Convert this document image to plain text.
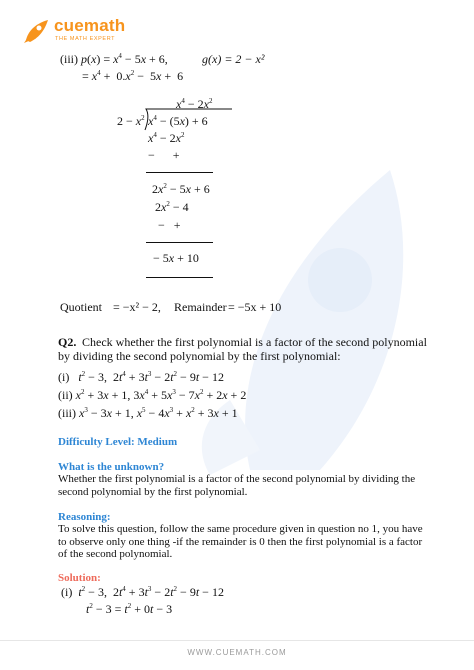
cuemath
THE MATH EXPERT
(iii) $p(x) = x^4 - 5x + 6$,	g(x) = 2 − x²
= $x^4 + 0.x^2 - 5x + 6$
$x^4 - 2x^2$
$2 - x^2$ $x^4 - (5x) + 6$
$x^4 - 2x^2$
−      +
$2x^2 - 5x + 6$
$2x^2 - 4$
−   +
− 5x + 10
Quotient = −x² − 2, Remainder = −5x + 10
Q2. Check whether the first polynomial is a factor of the second polynomial by dividing the second polynomial by the first polynomial:
(i) $t^2 - 3$,  $2t^4 + 3t^3 - 2t^2 - 9t - 12$
(ii) $x^2 + 3x + 1$, $3x^4 + 5x^3 - 7x^2 + 2x + 2$
(iii) $x^3 - 3x + 1$, $x^5 - 4x^3 + x^2 + 3x + 1$
Difficulty Level: Medium
What is the unknown?
Whether the first polynomial is a factor of the second polynomial by dividing the second polynomial by the first polynomial.
Reasoning:
To solve this question, follow the same procedure given in question no 1, you have to observe only one thing -if the remainder is 0 then the first polynomial is a factor of the second polynomial.
Solution:
(i) $t^2 - 3$,  $2t^4 + 3t^3 - 2t^2 - 9t - 12$
$t^2 - 3 = t^2 + 0t - 3$
WWW.CUEMATH.COM
